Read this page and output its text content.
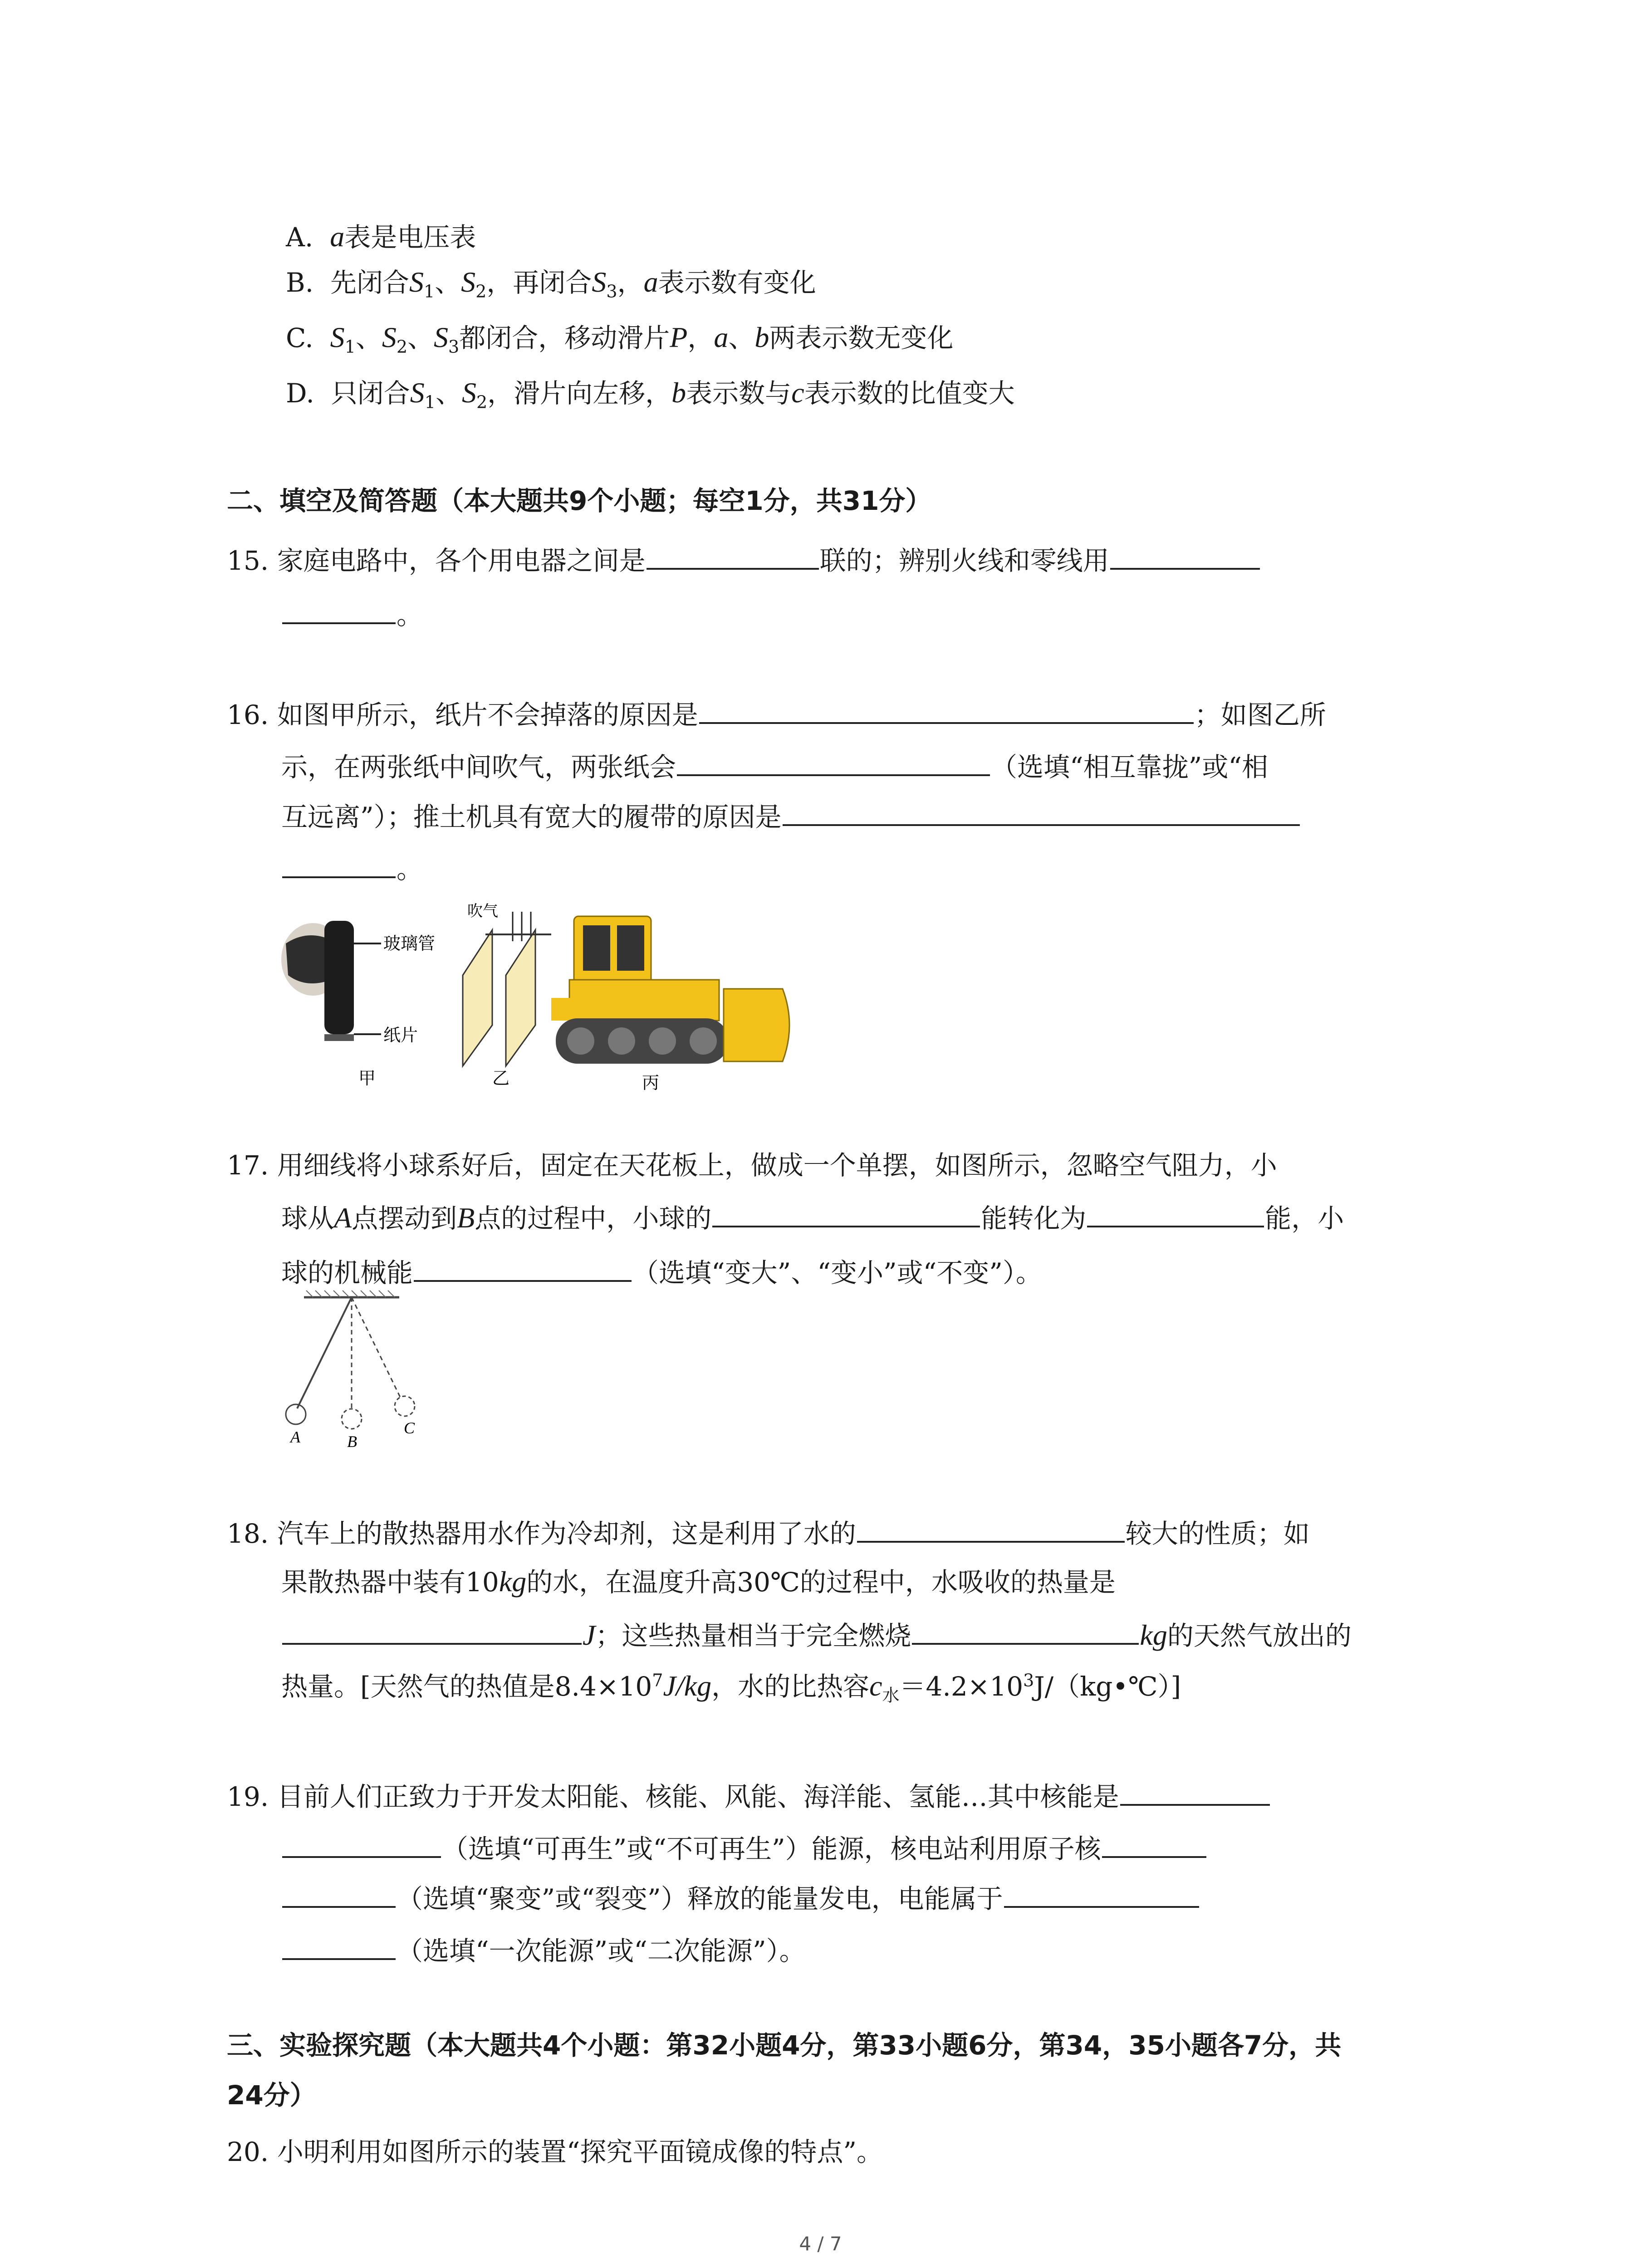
A. a表是电压表
B. 先闭合$S_1$、$S_2$，再闭合$S_3$，a表示数有变化
C. $S_1$、$S_2$、$S_3$都闭合，移动滑片P，a、b两表示数无变化
D. 只闭合$S_1$、$S_2$，滑片向左移，b表示数与c表示数的比值变大
二、填空及简答题（本大题共9个小题；每空1分，共31分）
15. 家庭电路中，各个用电器之间是	联的；辨别火线和零线用
。
16. 如图甲所示，纸片不会掉落的原因是	；如图乙所
示，在两张纸中间吹气，两张纸会	（选填“相互靠拢”或“相
互远离”）；推土机具有宽大的履带的原因是
。
玻璃管
纸片
甲
吹气
乙	丙
17. 用细线将小球系好后，固定在天花板上，做成一个单摆，如图所示，忽略空气阻力，小
球从A点摆动到B点的过程中，小球的	能转化为	能，小
球的机械能	（选填“变大”、“变小”或“不变”）。
A	B
C
18. 汽车上的散热器用水作为冷却剂，这是利用了水的	较大的性质；如
果散热器中装有10kg的水，在温度升高30℃的过程中，水吸收的热量是
J；这些热量相当于完全燃烧	kg的天然气放出的
热量。[天然气的热值是$8.4\times 10^7J/kg$，水的比热容$c_水=4.2\times 10^3J/(kg•℃)$]
19. 目前人们正致力于开发太阳能、核能、风能、海洋能、氢能…其中核能是
（选填“可再生”或“不可再生”）能源，核电站利用原子核
（选填“聚变”或“裂变”）释放的能量发电，电能属于
（选填“一次能源”或“二次能源”）。
三、实验探究题（本大题共4个小题：第32小题4分，第33小题6分，第34，35小题各7分，共
24分）
20. 小明利用如图所示的装置“探究平面镜成像的特点”。
4 / 7
